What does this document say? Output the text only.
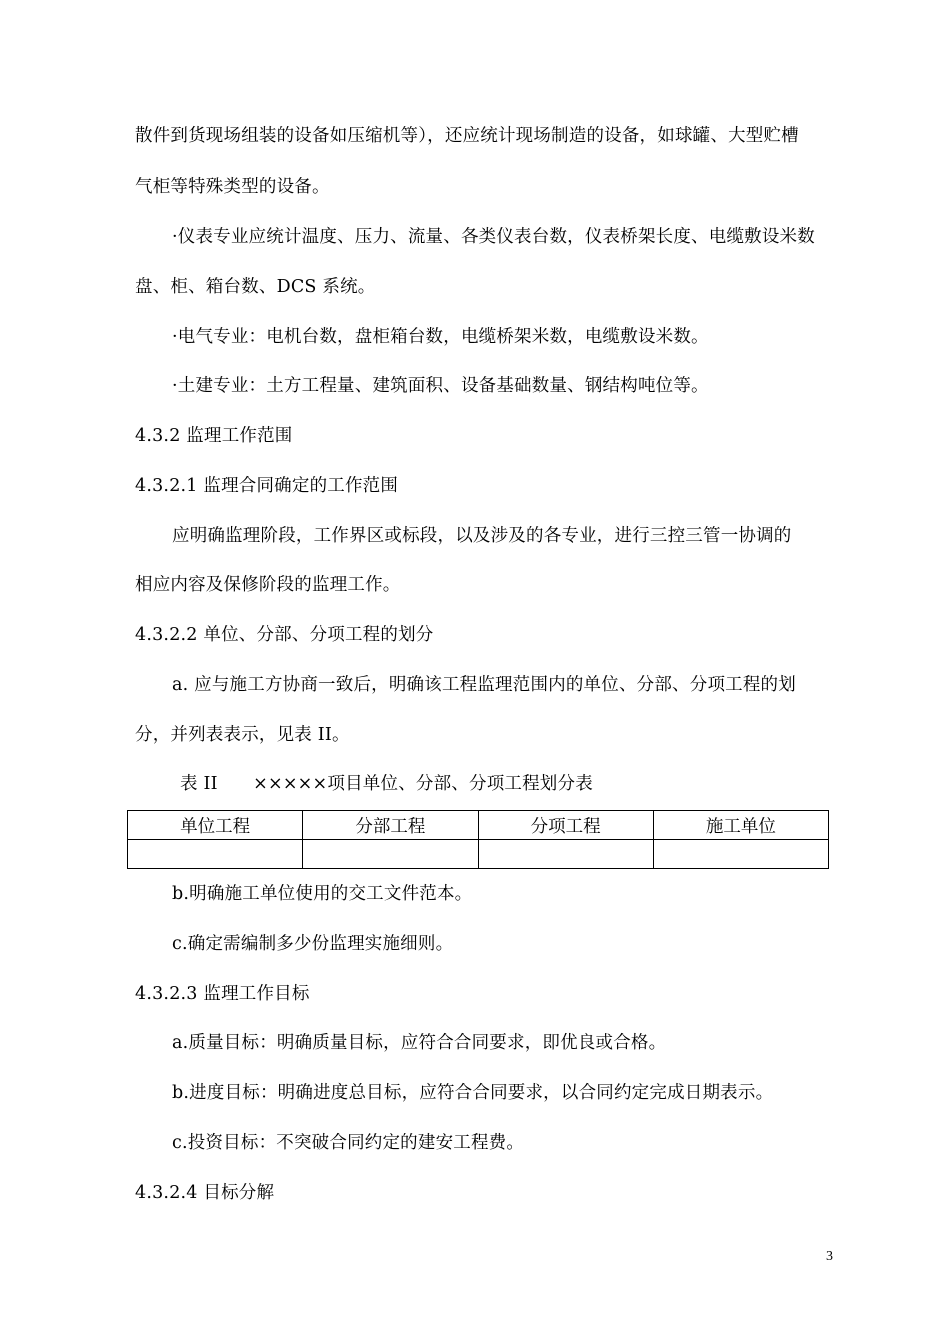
散件到货现场组装的设备如压缩机等），还应统计现场制造的设备，如球罐、大型贮槽
气柜等特殊类型的设备。
·仪表专业应统计温度、压力、流量、各类仪表台数，仪表桥架长度、电缆敷设米数
盘、柜、箱台数、DCS 系统。
·电气专业：电机台数，盘柜箱台数，电缆桥架米数，电缆敷设米数。
·土建专业：土方工程量、建筑面积、设备基础数量、钢结构吨位等。
4.3.2 监理工作范围
4.3.2.1 监理合同确定的工作范围
应明确监理阶段，工作界区或标段，以及涉及的各专业，进行三控三管一协调的
相应内容及保修阶段的监理工作。
4.3.2.2 单位、分部、分项工程的划分
a. 应与施工方协商一致后，明确该工程监理范围内的单位、分部、分项工程的划
分，并列表表示，见表 II。
表 II　　×××××项目单位、分部、分项工程划分表
单位工程	分部工程	分项工程	施工单位

b.明确施工单位使用的交工文件范本。
c.确定需编制多少份监理实施细则。
4.3.2.3 监理工作目标
a.质量目标：明确质量目标，应符合合同要求，即优良或合格。
b.进度目标：明确进度总目标，应符合合同要求，以合同约定完成日期表示。
c.投资目标：不突破合同约定的建安工程费。
4.3.2.4 目标分解
3
